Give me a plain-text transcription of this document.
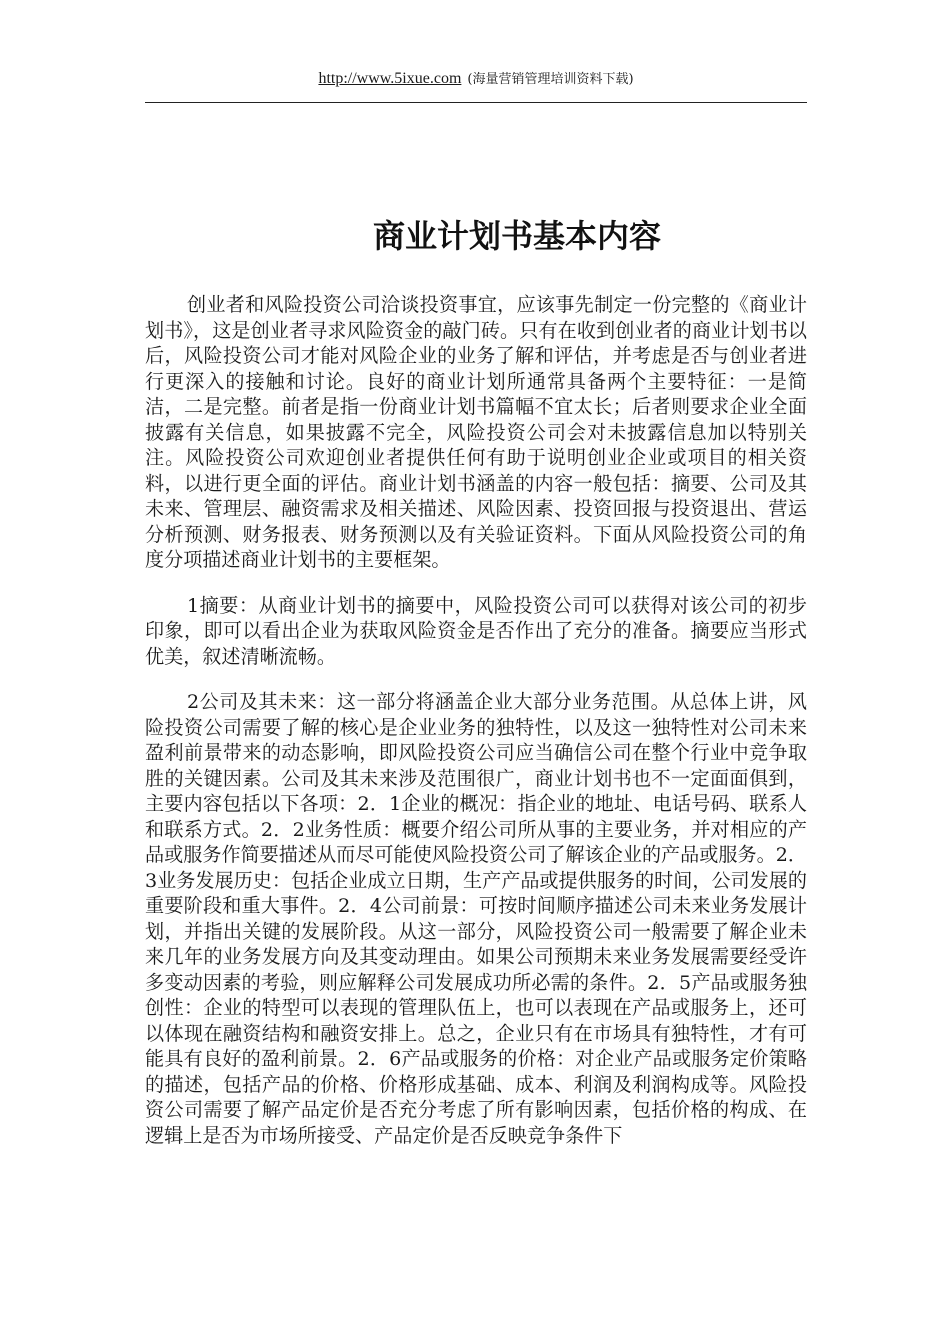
http://www.5ixue.com (海量营销管理培训资料下载)
商业计划书基本内容

创业者和风险投资公司洽谈投资事宜，应该事先制定一份完整的《商业计划书》，这是创业者寻求风险资金的敲门砖。只有在收到创业者的商业计划书以后，风险投资公司才能对风险企业的业务了解和评估，并考虑是否与创业者进行更深入的接触和讨论。良好的商业计划所通常具备两个主要特征：一是简洁，二是完整。前者是指一份商业计划书篇幅不宜太长；后者则要求企业全面披露有关信息，如果披露不完全，风险投资公司会对未披露信息加以特别关注。风险投资公司欢迎创业者提供任何有助于说明创业企业或项目的相关资料，以进行更全面的评估。商业计划书涵盖的内容一般包括：摘要、公司及其未来、管理层、融资需求及相关描述、风险因素、投资回报与投资退出、营运分析预测、财务报表、财务预测以及有关验证资料。下面从风险投资公司的角度分项描述商业计划书的主要框架。

1摘要：从商业计划书的摘要中，风险投资公司可以获得对该公司的初步印象，即可以看出企业为获取风险资金是否作出了充分的准备。摘要应当形式优美，叙述清晰流畅。

2公司及其未来：这一部分将涵盖企业大部分业务范围。从总体上讲，风险投资公司需要了解的核心是企业业务的独特性，以及这一独特性对公司未来盈利前景带来的动态影响，即风险投资公司应当确信公司在整个行业中竞争取胜的关键因素。公司及其未来涉及范围很广，商业计划书也不一定面面俱到，主要内容包括以下各项：2．1企业的概况：指企业的地址、电话号码、联系人和联系方式。2．2业务性质：概要介绍公司所从事的主要业务，并对相应的产品或服务作简要描述从而尽可能使风险投资公司了解该企业的产品或服务。2．3业务发展历史：包括企业成立日期，生产产品或提供服务的时间，公司发展的重要阶段和重大事件。2．4公司前景：可按时间顺序描述公司未来业务发展计划，并指出关键的发展阶段。从这一部分，风险投资公司一般需要了解企业未来几年的业务发展方向及其变动理由。如果公司预期未来业务发展需要经受许多变动因素的考验，则应解释公司发展成功所必需的条件。2．5产品或服务独创性：企业的特型可以表现的管理队伍上，也可以表现在产品或服务上，还可以体现在融资结构和融资安排上。总之，企业只有在市场具有独特性，才有可能具有良好的盈利前景。2．6产品或服务的价格：对企业产品或服务定价策略的描述，包括产品的价格、价格形成基础、成本、利润及利润构成等。风险投资公司需要了解产品定价是否充分考虑了所有影响因素，包括价格的构成、在逻辑上是否为市场所接受、产品定价是否反映竞争条件下
